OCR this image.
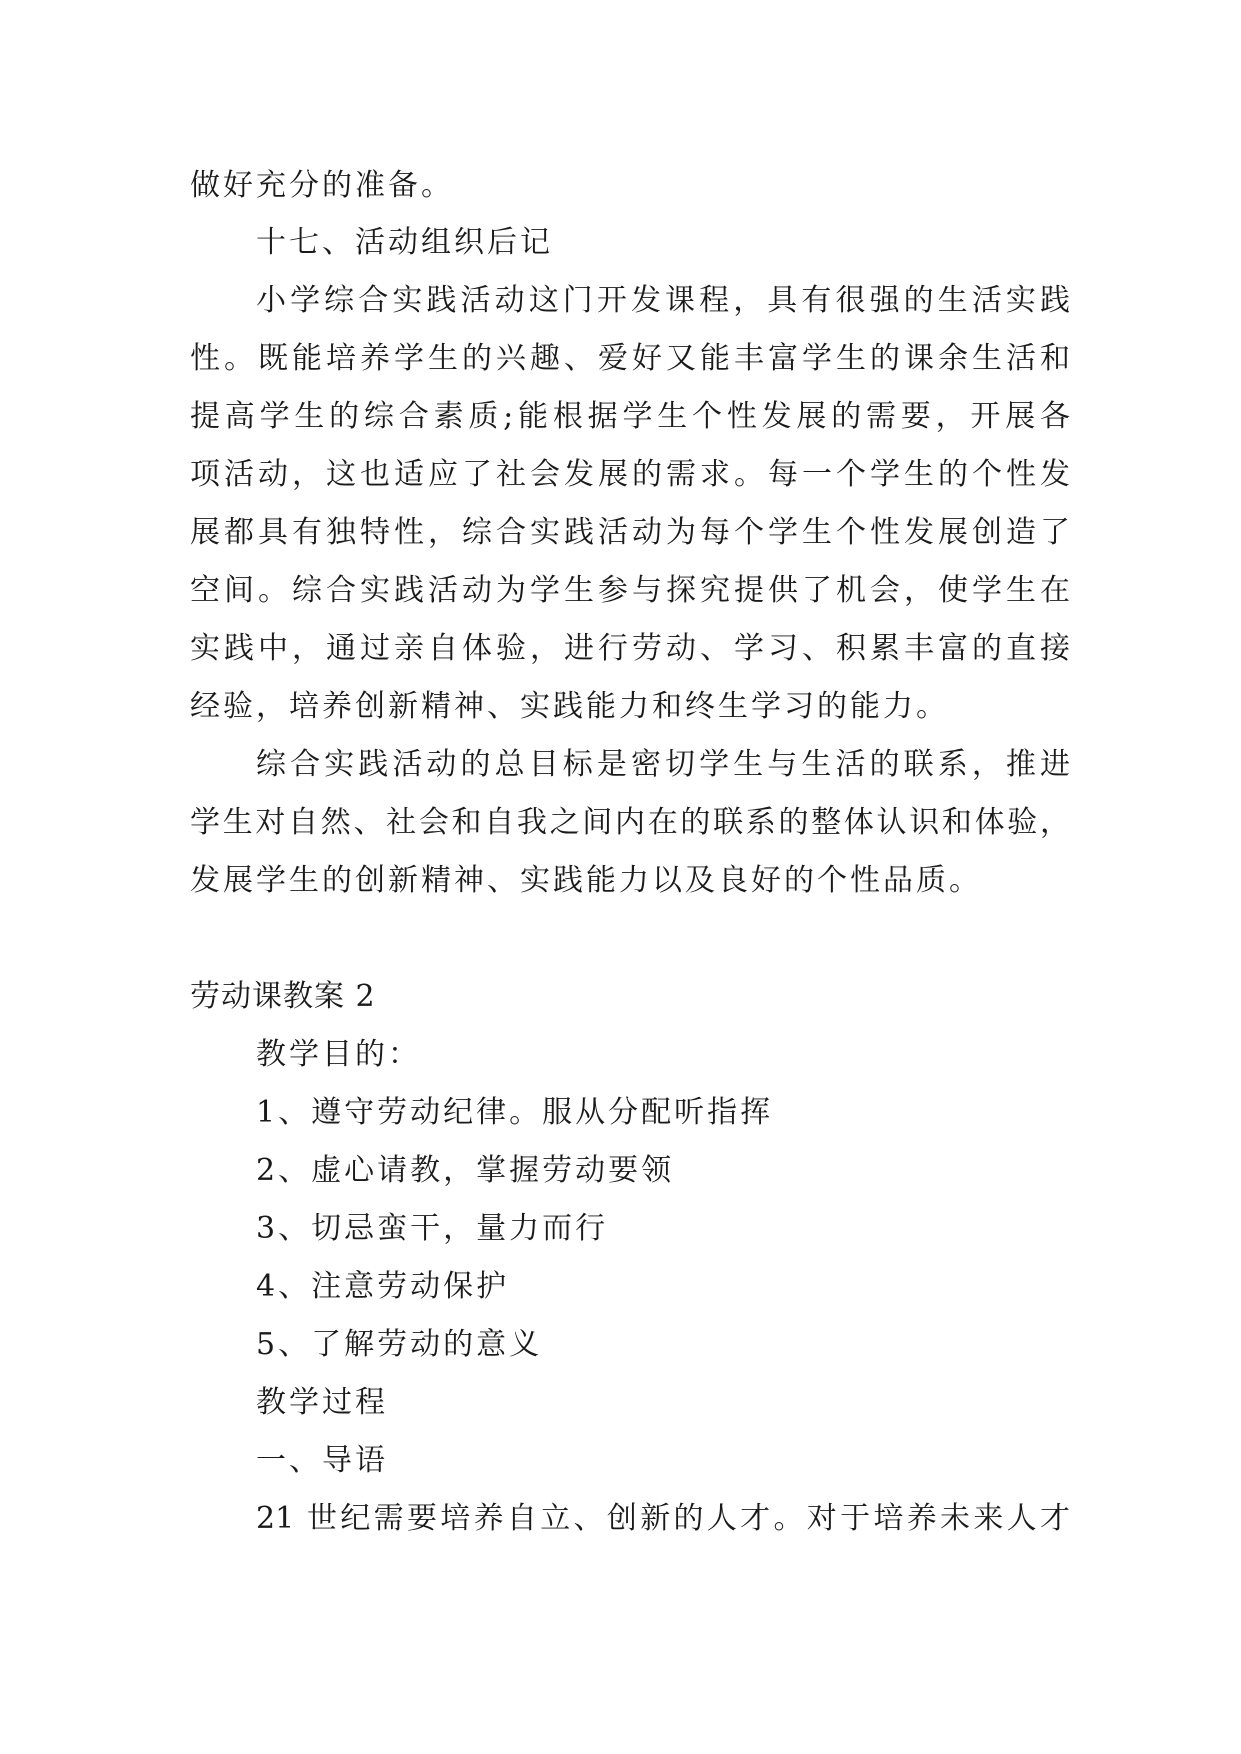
做好充分的准备。
十七、活动组织后记
小学综合实践活动这门开发课程，具有很强的生活实践
性。既能培养学生的兴趣、爱好又能丰富学生的课余生活和
提高学生的综合素质;能根据学生个性发展的需要，开展各
项活动，这也适应了社会发展的需求。每一个学生的个性发
展都具有独特性，综合实践活动为每个学生个性发展创造了
空间。综合实践活动为学生参与探究提供了机会，使学生在
实践中，通过亲自体验，进行劳动、学习、积累丰富的直接
经验，培养创新精神、实践能力和终生学习的能力。
综合实践活动的总目标是密切学生与生活的联系，推进
学生对自然、社会和自我之间内在的联系的整体认识和体验，
发展学生的创新精神、实践能力以及良好的个性品质。
劳动课教案 2
教学目的：
1、遵守劳动纪律。服从分配听指挥
2、虚心请教，掌握劳动要领
3、切忌蛮干，量力而行
4、注意劳动保护
5、了解劳动的意义
教学过程
一、导语
21 世纪需要培养自立、创新的人才。对于培养未来人才
